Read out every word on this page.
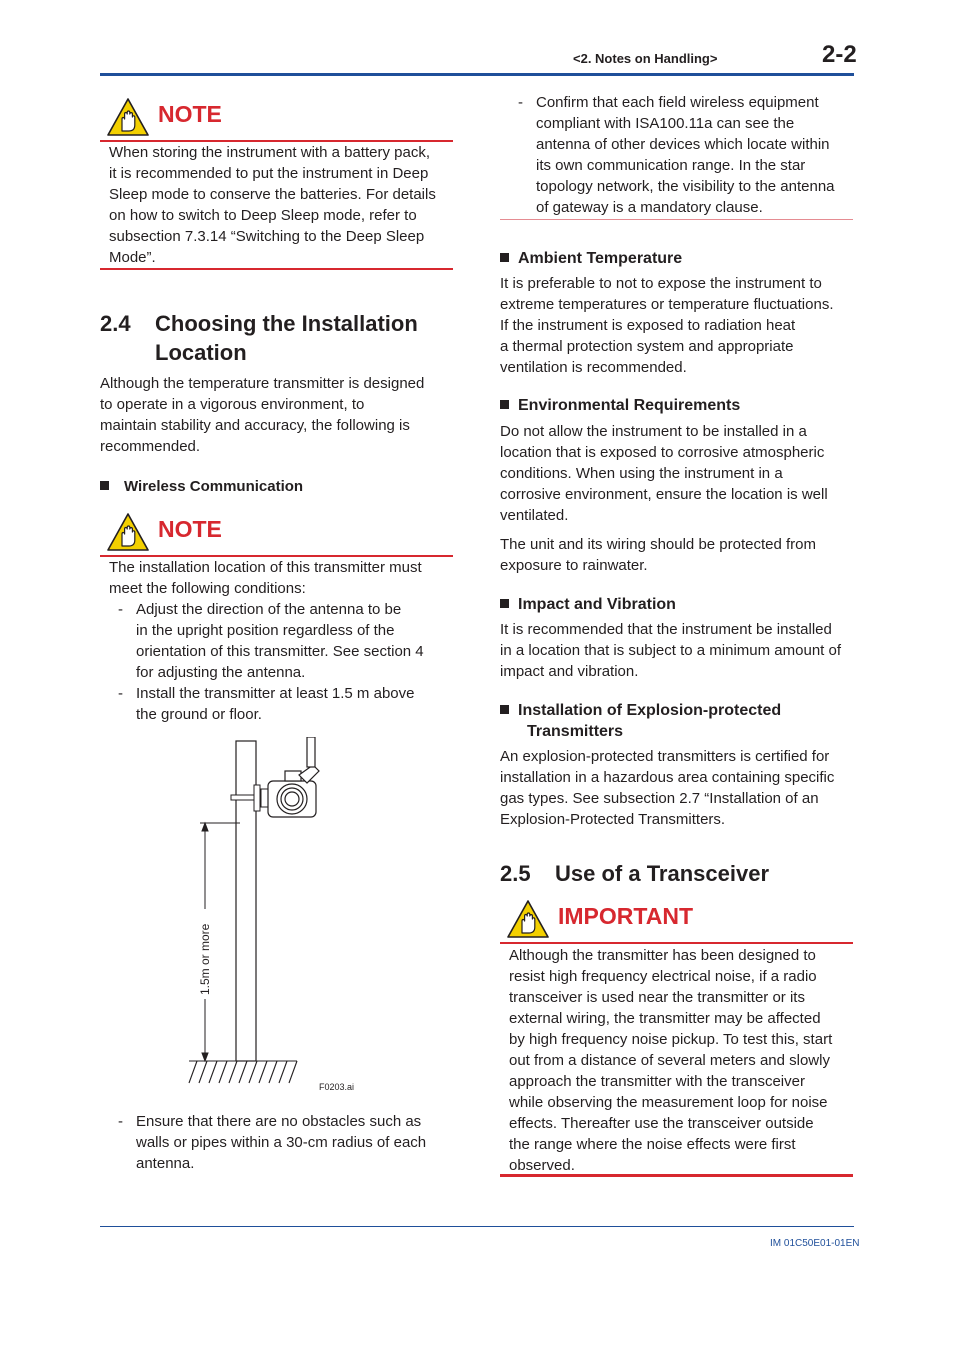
<2. Notes on Handling>	2-2
NOTE
When storing the instrument with a battery pack,
it is recommended to put the instrument in Deep
Sleep mode to conserve the batteries. For details
on how to switch to Deep Sleep mode, refer to
subsection 7.3.14 “Switching to the Deep Sleep
Mode”.
2.4 Choosing the Installation
Location
Although the temperature transmitter is designed
to operate in a vigorous environment, to
maintain stability and accuracy, the following is
recommended.
Wireless Communication
NOTE
The installation location of this transmitter must
meet the following conditions:
- Adjust the direction of the antenna to be
in the upright position regardless of the
orientation of this transmitter. See section 4
for adjusting the antenna.
- Install the transmitter at least 1.5 m above
the ground or floor.
1.5m or more
F0203.ai
- Ensure that there are no obstacles such as
walls or pipes within a 30-cm radius of each
antenna.
- Confirm that each field wireless equipment
compliant with ISA100.11a can see the
antenna of other devices which locate within
its own communication range. In the star
topology network, the visibility to the antenna
of gateway is a mandatory clause.
Ambient Temperature
It is preferable to not to expose the instrument to
extreme temperatures or temperature fluctuations.
If the instrument is exposed to radiation heat
a thermal protection system and appropriate
ventilation is recommended.
Environmental Requirements
Do not allow the instrument to be installed in a
location that is exposed to corrosive atmospheric
conditions. When using the instrument in a
corrosive environment, ensure the location is well
ventilated.
The unit and its wiring should be protected from
exposure to rainwater.
Impact and Vibration
It is recommended that the instrument be installed
in a location that is subject to a minimum amount of
impact and vibration.
Installation of Explosion-protected
Transmitters
An explosion-protected transmitters is certified for
installation in a hazardous area containing specific
gas types. See subsection 2.7 “Installation of an
Explosion-Protected Transmitters.
2.5 Use of a Transceiver
IMPORTANT
Although the transmitter has been designed to
resist high frequency electrical noise, if a radio
transceiver is used near the transmitter or its
external wiring, the transmitter may be affected
by high frequency noise pickup. To test this, start
out from a distance of several meters and slowly
approach the transmitter with the transceiver
while observing the measurement loop for noise
effects. Thereafter use the transceiver outside
the range where the noise effects were first
observed.
IM 01C50E01-01EN
